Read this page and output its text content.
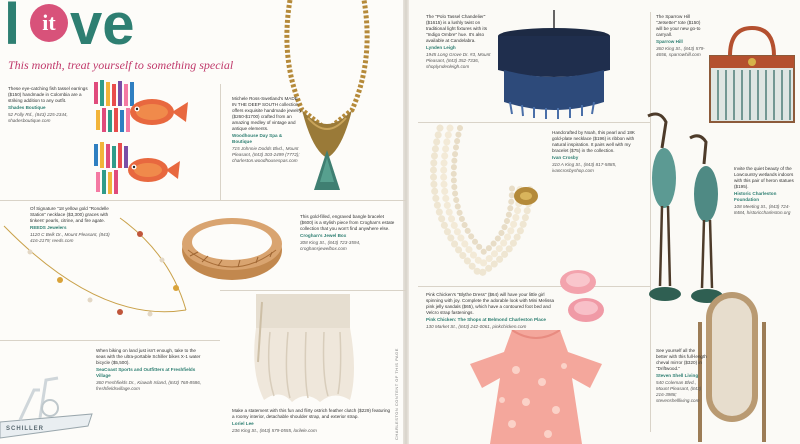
l	it ve
This month, treat yourself to something special
These eye-catching fish tassel earrings ($150) handmade in Colombia are a striking addition to any outfit.
Shades Boutique
52 Folly Rd., (843) 225-2344, shadesboutique.com
Michele Ross-Swetland's MADE IN THE DEEP SOUTH collection offers exquisite handmade jewelry ($260-$1700) crafted from an amazing medley of vintage and antique elements.
Woodhouse Day Spa & Boutique
715 Johnnie Dodds Blvd., Mount Pleasant, (843) 303-2499 (7772); charleston.woodhousespas.com
Of Signature "18 yellow gold "Rondelle Station" necklace ($3,300) graces with tinkers' pearls, citrine, and fire agate.
REEDS Jewelers
1120 C Belk Dr., Mount Pleasant, (843) 416-2179; reeds.com
This gold-filled, engraved bangle bracelet ($600) is a stylish piece from Croghan's estate collection that you won't find anywhere else.
Croghan's Jewel Box
308 King St., (843) 723-3594, croghansjewelbox.com
When biking on land just isn't enough, take to the seas with the ultra-portable Schiller bikes X-1 water bicycle ($5,500).
SeaCoast Sports and Outfitters at Freshfields Village
360 Freshfields Dr., Kiawah Island, (843) 768-8586, freshfieldsvillage.com
SCHILLER
Make a statement with this fun and flirty ostrich feather clutch ($229) featuring a roomy interior, detachable shoulder strap, and exterior strap.
Loriel Lee
236 King St., (843) 579-0555, lorilele.com	CHARLESTON CONTENT OF THIS PAGE
The "Polo Tassel Chandelier" ($1615) is a lushly twist on traditional light fixtures with its "Indigo Ombre" hue. It's also available at Candelabra.
Lynden Leigh
1945 Long Grove Dr. #3, Mount Pleasant, (843) 352-7336, shoplyndenleigh.com
The Sparrow Hill "Jetsetter" tote ($150) will be your new go-to carryall.
Sparrow Hill
360 King St., (843) 579-4656, sparrowhill.com
Handcrafted by Noah, this pearl and 18K gold-plate necklace ($196) is ribbon with natural inspiration. It pairs well with my bracelet ($75) in the collection.
Ivan Crosby
310 A King St., (843) 817-5885, ivancrosbyshop.com	Invite the quiet beauty of the Lowcountry wetlands indoors with this pair of heron statues ($195).
Historic Charleston Foundation
108 Meeting St., (843) 724-8484, historiccharleston.org
Pink Chicken's "Blythe Dress" ($64) will have your little girl spinning with joy. Complete the adorable look with Mini Melissa pink jelly sandals ($65), which have a contoured foot bed and Velcro strap fastenings.
Pink Chicken: The Shops at Belmond Charleston Place
130 Market St., (843) 242-0061, pinkchicken.com
See yourself all the better with this full-length cheval mirror ($320) in "Driftwood."
Steven Shell Living
540 Coleman Blvd., Mount Pleasant, (843) 216-3988; stevenshellliving.com
